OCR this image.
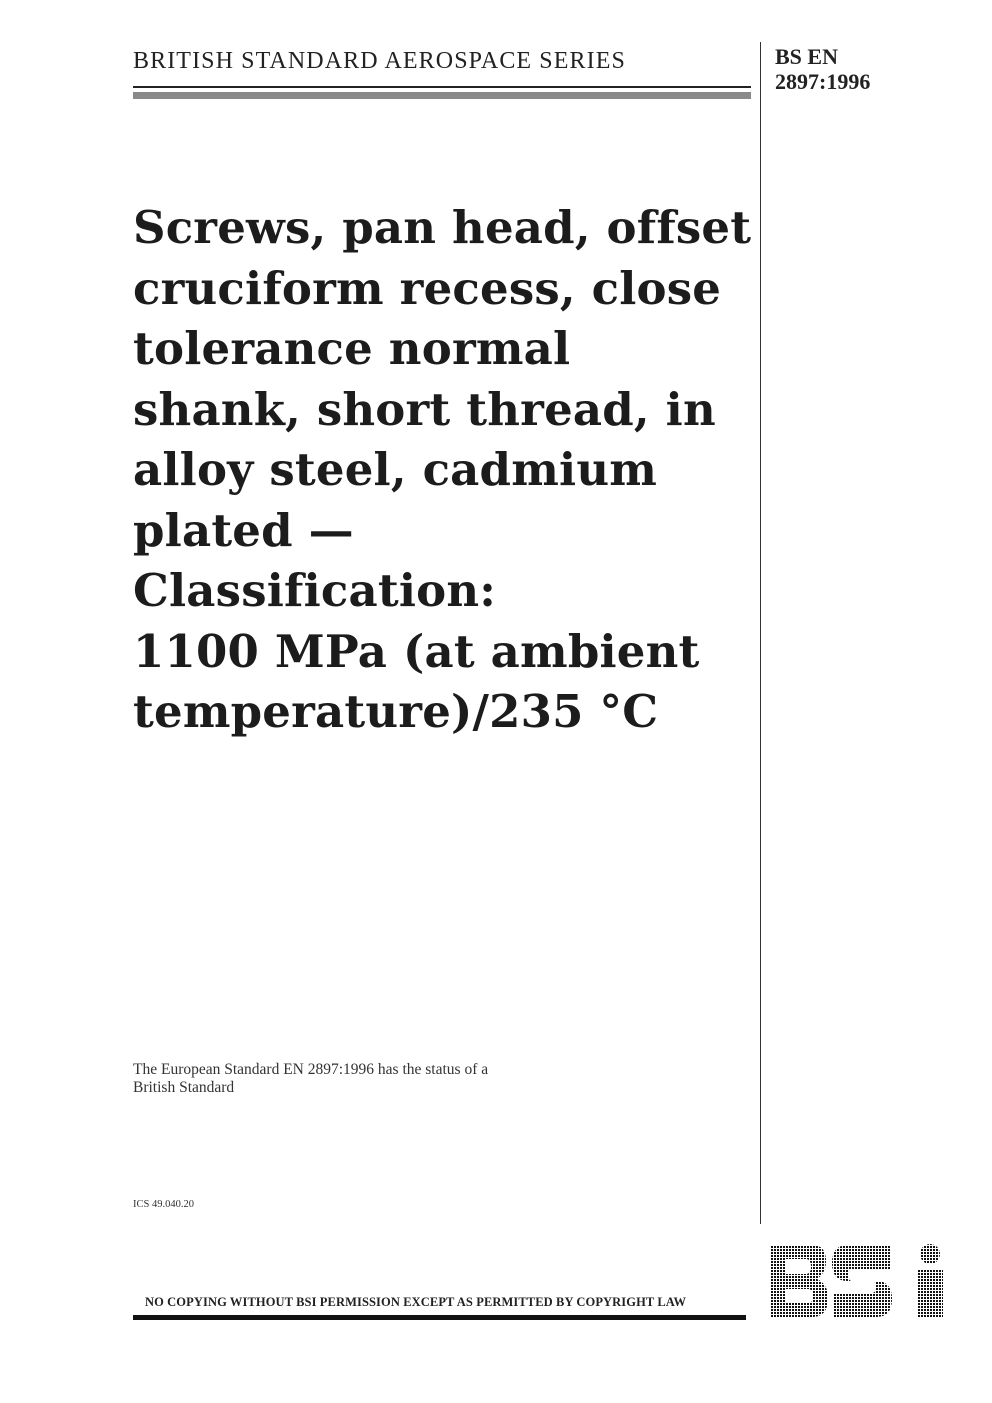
BRITISH STANDARD AEROSPACE SERIES	BS EN
2897:1996
Screws, pan head, offset
cruciform recess, close
tolerance normal
shank, short thread, in
alloy steel, cadmium
plated —
Classification:
1100 MPa (at ambient
temperature)/235 °C
The European Standard EN 2897:1996 has the status of a
British Standard
ICS 49.040.20
NO COPYING WITHOUT BSI PERMISSION EXCEPT AS PERMITTED BY COPYRIGHT LAW
